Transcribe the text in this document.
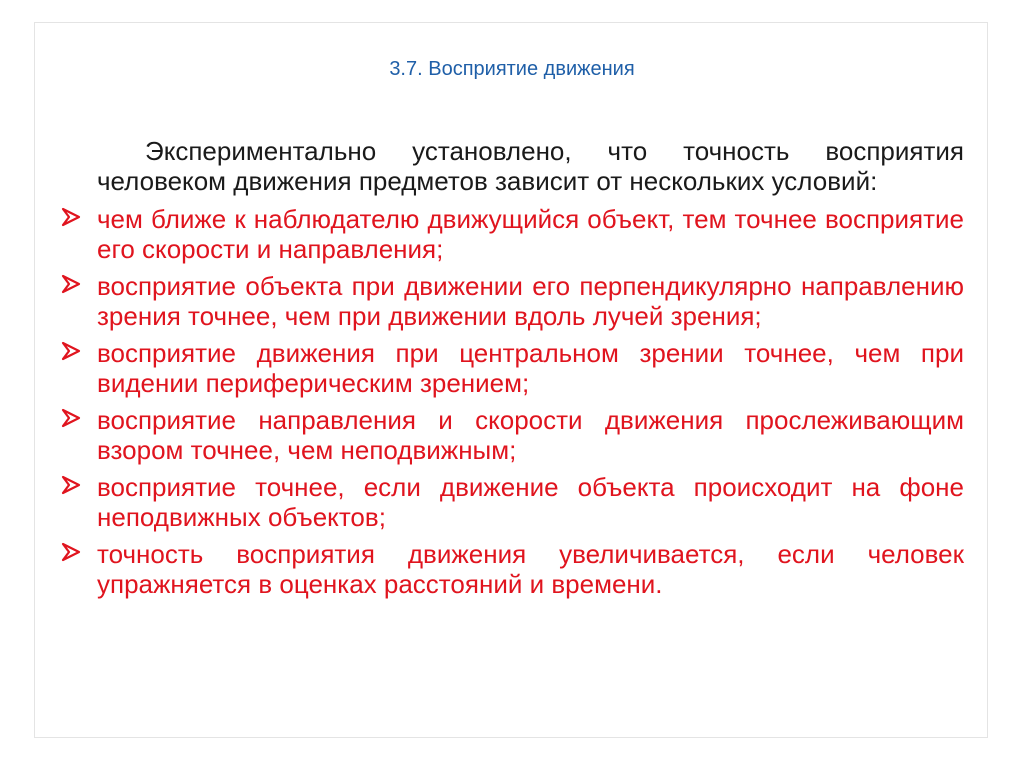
3.7. Восприятие движения

Экспериментально установлено, что точность восприятия человеком движения предметов зависит от нескольких условий:

чем ближе к наблюдателю движущийся объект, тем точнее восприятие его скорости и направления;
восприятие объекта при движении его перпендикулярно направлению зрения точнее, чем при движении вдоль лучей зрения;
восприятие движения при центральном зрении точнее, чем при видении периферическим зрением;
восприятие направления и скорости движения прослеживающим взором точнее, чем неподвижным;
восприятие точнее, если движение объекта происходит на фоне неподвижных объектов;
точность восприятия движения увеличивается, если человек упражняется в оценках расстояний и времени.
